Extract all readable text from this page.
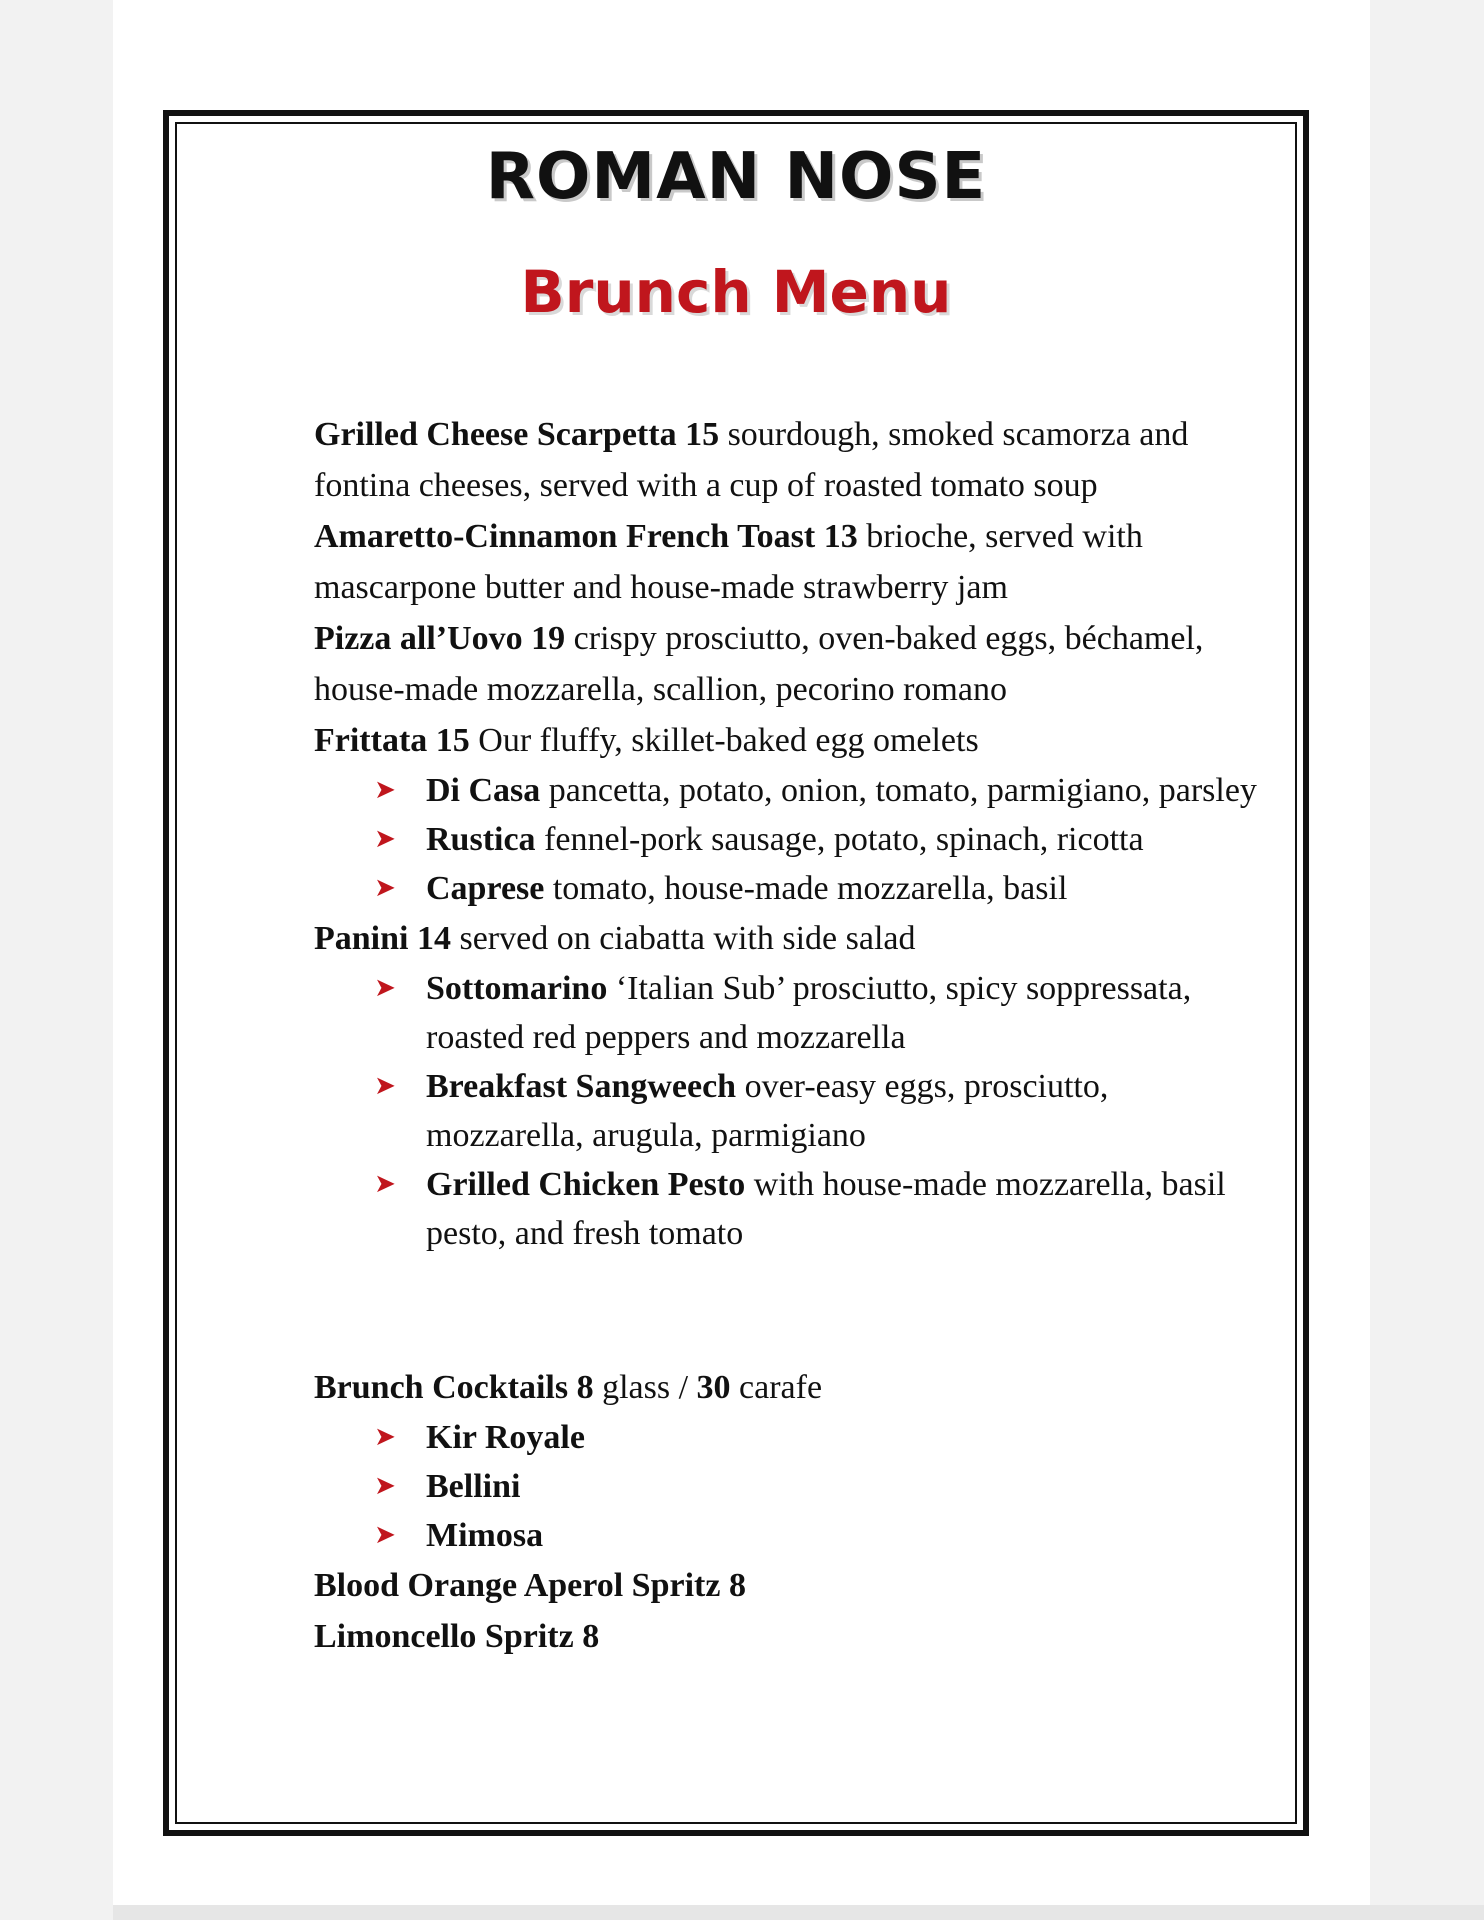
ROMAN NOSE
Brunch Menu

Grilled Cheese Scarpetta 15 sourdough, smoked scamorza and fontina cheeses, served with a cup of roasted tomato soup

Amaretto-Cinnamon French Toast 13 brioche, served with mascarpone butter and house-made strawberry jam

Pizza all’Uovo 19 crispy prosciutto, oven-baked eggs, béchamel, house-made mozzarella, scallion, pecorino romano

Frittata 15 Our fluffy, skillet-baked egg omelets

➤ Di Casa pancetta, potato, onion, tomato, parmigiano, parsley
➤ Rustica fennel-pork sausage, potato, spinach, ricotta
➤ Caprese tomato, house-made mozzarella, basil

Panini 14 served on ciabatta with side salad

➤ Sottomarino ‘Italian Sub’ prosciutto, spicy soppressata, roasted red peppers and mozzarella
➤ Breakfast Sangweech over-easy eggs, prosciutto, mozzarella, arugula, parmigiano
➤ Grilled Chicken Pesto with house-made mozzarella, basil pesto, and fresh tomato

Brunch Cocktails 8 glass / 30 carafe

➤ Kir Royale
➤ Bellini
➤ Mimosa

Blood Orange Aperol Spritz 8

Limoncello Spritz 8
